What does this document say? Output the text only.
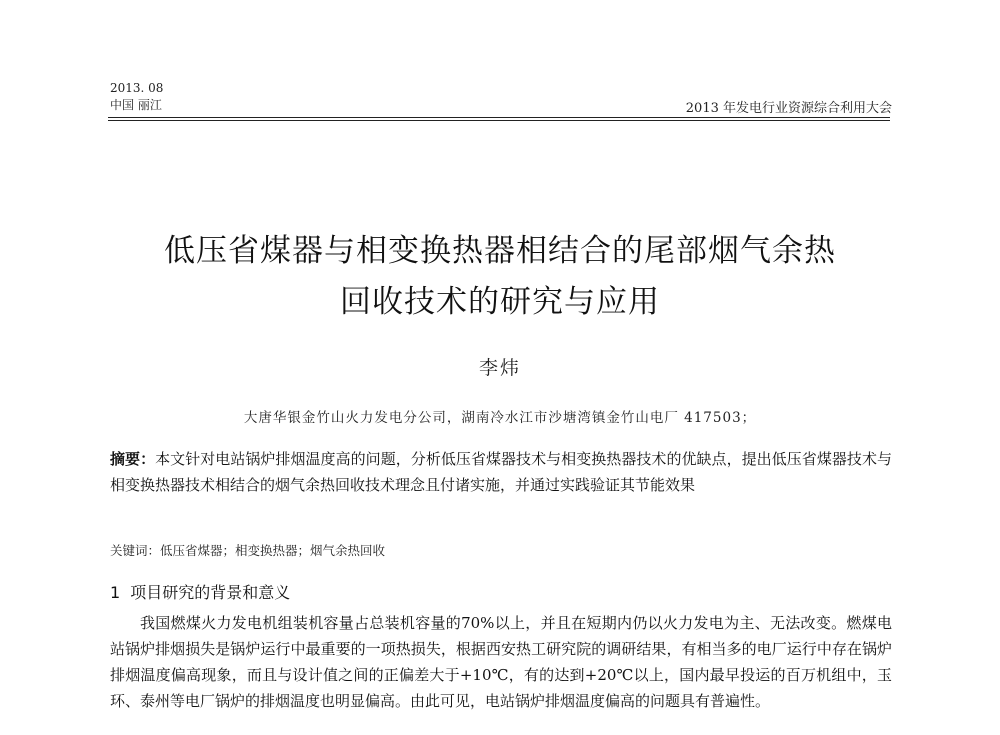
2013. 08
中国 丽江	2013 年发电行业资源综合利用大会
低压省煤器与相变换热器相结合的尾部烟气余热
回收技术的研究与应用
李炜
大唐华银金竹山火力发电分公司，湖南冷水江市沙塘湾镇金竹山电厂 417503；
摘要：本文针对电站锅炉排烟温度高的问题，分析低压省煤器技术与相变换热器技术的优缺点，提出低压省煤器技术与相变换热器技术相结合的烟气余热回收技术理念且付诸实施，并通过实践验证其节能效果
关键词：低压省煤器；相变换热器；烟气余热回收
1 项目研究的背景和意义
我国燃煤火力发电机组装机容量占总装机容量的70%以上，并且在短期内仍以火力发电为主、无法改变。燃煤电站锅炉排烟损失是锅炉运行中最重要的一项热损失，根据西安热工研究院的调研结果，有相当多的电厂运行中存在锅炉排烟温度偏高现象，而且与设计值之间的正偏差大于+10℃，有的达到+20℃以上，国内最早投运的百万机组中，玉环、泰州等电厂锅炉的排烟温度也明显偏高。由此可见，电站锅炉排烟温度偏高的问题具有普遍性。
